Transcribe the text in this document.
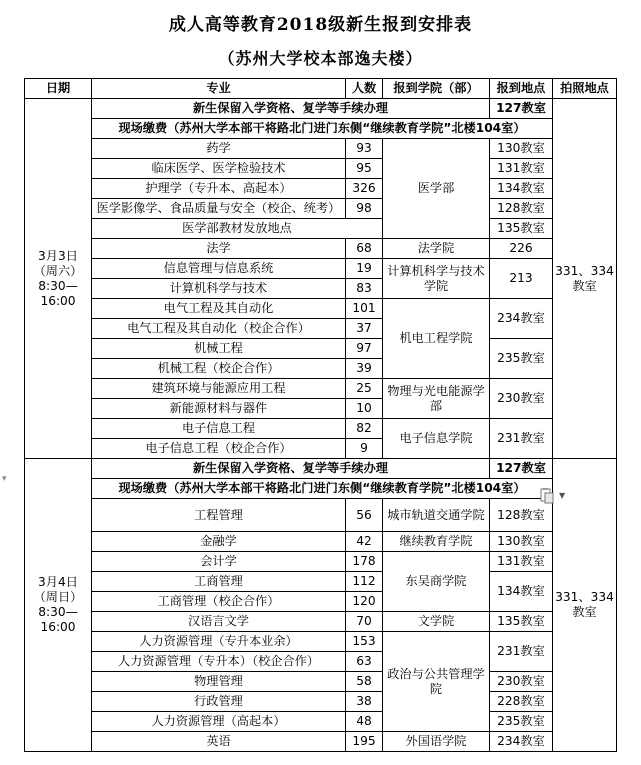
成人高等教育2018级新生报到安排表
（苏州大学校本部逸夫楼）
日期	专业	人数	报到学院（部）	报到地点	拍照地点
3月3日
（周六）
8:30—
16:00	新生保留入学资格、复学等手续办理			127教室	331、334
教室
	现场缴费（苏州大学本部干将路北门进门东侧“继续教育学院”北楼104室）				
	药学	93	医学部	130教室	
	临床医学、医学检验技术	95		131教室	
	护理学（专升本、高起本）	326		134教室	
	医学影像学、食品质量与安全（校企、统考）	98		128教室	
	医学部教材发放地点			135教室	
	法学	68	法学院	226	
	信息管理与信息系统	19	计算机科学与技术学院	213	
	计算机科学与技术	83			
	电气工程及其自动化	101	机电工程学院	234教室	
	电气工程及其自动化（校企合作）	37			
	机械工程	97		235教室	
	机械工程（校企合作）	39			
	建筑环境与能源应用工程	25	物理与光电能源学部	230教室	
	新能源材料与器件	10			
	电子信息工程	82	电子信息学院	231教室	
	电子信息工程（校企合作）	9			
3月4日
（周日）
8:30—
16:00	新生保留入学资格、复学等手续办理			127教室	331、334
教室
	现场缴费（苏州大学本部干将路北门进门东侧“继续教育学院”北楼104室）				
	工程管理	56	城市轨道交通学院	128教室	
	金融学	42	继续教育学院	130教室	
	会计学	178	东吴商学院	131教室	
	工商管理	112		134教室	
	工商管理（校企合作）	120			
	汉语言文学	70	文学院	135教室	
	人力资源管理（专升本业余）	153	政治与公共管理学院	231教室	
	人力资源管理（专升本）（校企合作）	63			
	物理管理	58		230教室	
	行政管理	38		228教室	
	人力资源管理（高起本）	48		235教室	
	英语	195	外国语学院	234教室	
▾
▼
